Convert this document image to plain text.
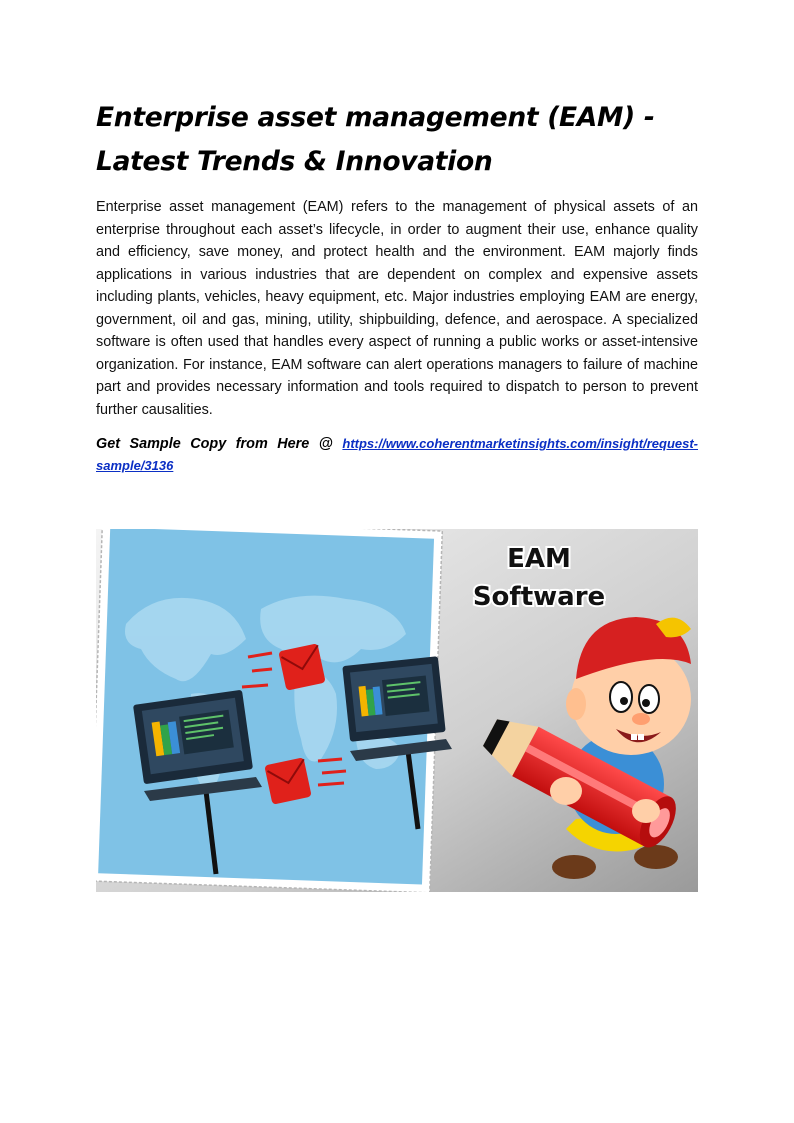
Enterprise asset management (EAM) - Latest Trends & Innovation

Enterprise asset management (EAM) refers to the management of physical assets of an enterprise throughout each asset’s lifecycle, in order to augment their use, enhance quality and efficiency, save money, and protect health and the environment. EAM majorly finds applications in various industries that are dependent on complex and expensive assets including plants, vehicles, heavy equipment, etc. Major industries employing EAM are energy, government, oil and gas, mining, utility, shipbuilding, defence, and aerospace. A specialized software is often used that handles every aspect of running a public works or asset-intensive organization. For instance, EAM software can alert operations managers to failure of machine part and provides necessary information and tools required to dispatch to person to prevent further causalities.

Get Sample Copy from Here @ https://www.coherentmarketinsights.com/insight/request-sample/3136

EAM
Software
